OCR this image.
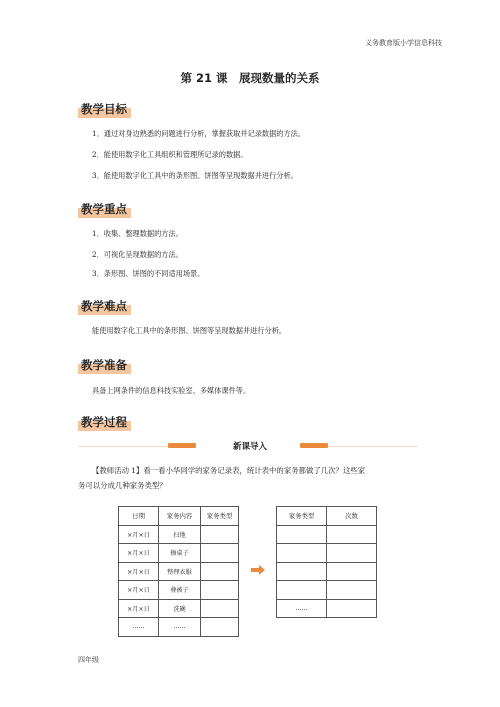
义务教育版小学信息科技
第 21 课　展现数量的关系
教学目标
1．通过对身边熟悉的问题进行分析，掌握获取并记录数据的方法。
2．能使用数字化工具组织和管理所记录的数据。
3．能使用数字化工具中的条形图、饼图等呈现数据并进行分析。
教学重点
1．收集、整理数据的方法。
2．可视化呈现数据的方法。
3．条形图、饼图的不同适用场景。
教学难点
能使用数字化工具中的条形图、饼图等呈现数据并进行分析。
教学准备
具备上网条件的信息科技实验室、多媒体课件等。
教学过程
新课导入
【教师活动 1】看一看小华同学的家务记录表，统计表中的家务都做了几次？这些家
务可以分成几种家务类型？
日期	家务内容	家务类型
×月×日	扫地	
×月×日	擦桌子	
×月×日	整理衣服	
×月×日	叠被子	
×月×日	洗碗	
……	……	
家务类型	次数

……	
四年级
